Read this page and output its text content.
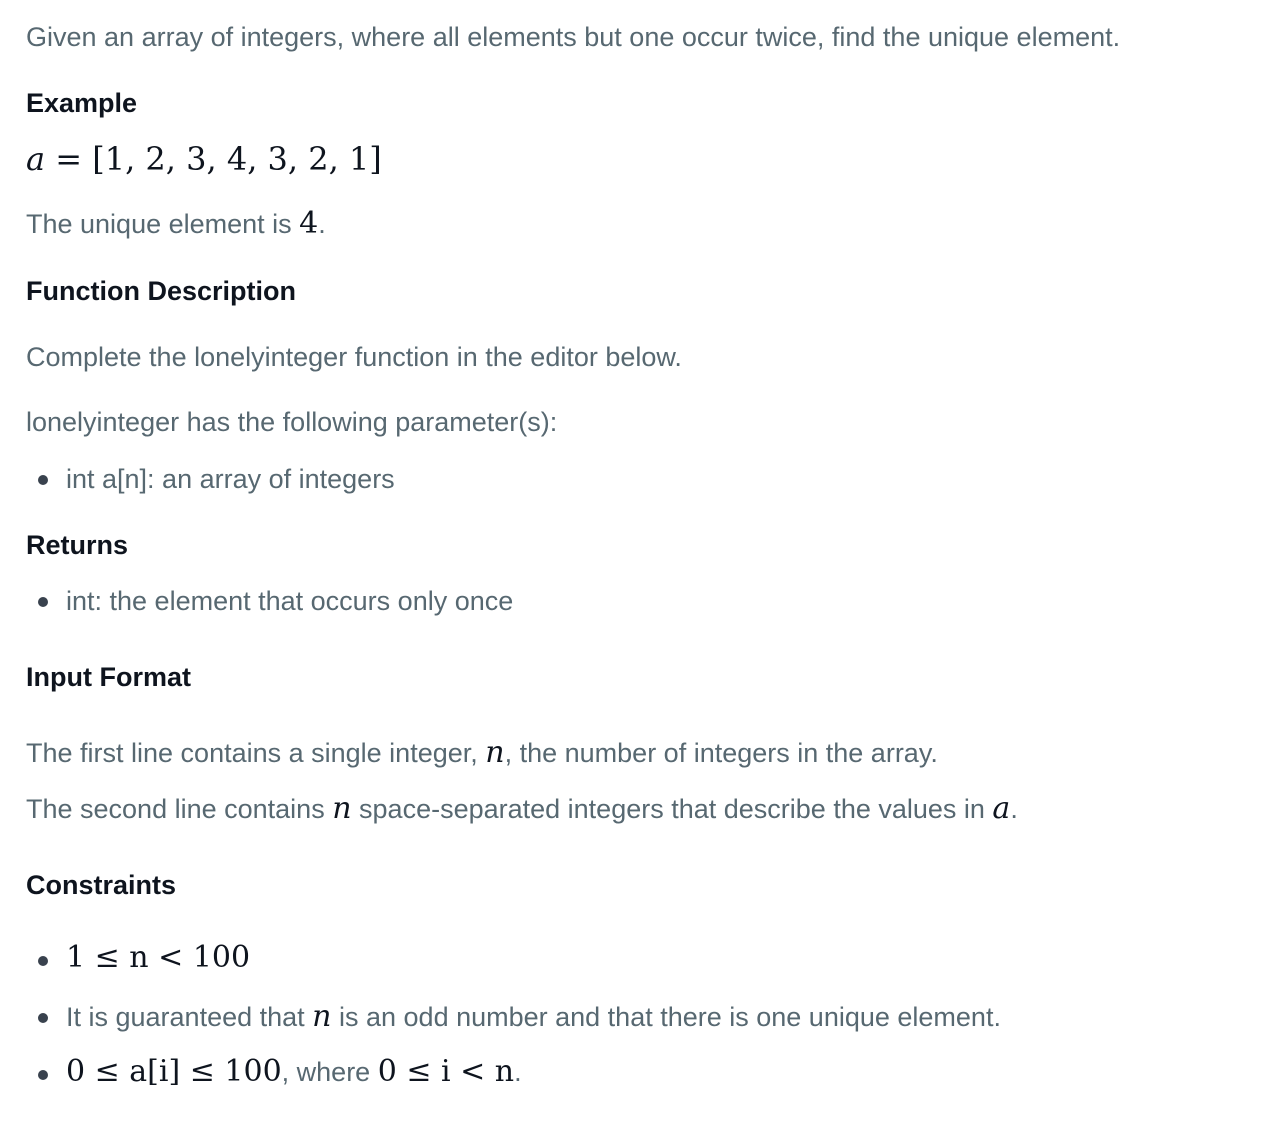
Given an array of integers, where all elements but one occur twice, find the unique element.
Example
a = [1, 2, 3, 4, 3, 2, 1]
The unique element is 4.
Function Description
Complete the lonelyinteger function in the editor below.
lonelyinteger has the following parameter(s):
int a[n]: an array of integers
Returns
int: the element that occurs only once
Input Format
The first line contains a single integer, n, the number of integers in the array.
The second line contains n space-separated integers that describe the values in a.
Constraints
1 ≤ n < 100
It is guaranteed that n is an odd number and that there is one unique element.
0 ≤ a[i] ≤ 100, where 0 ≤ i < n.
